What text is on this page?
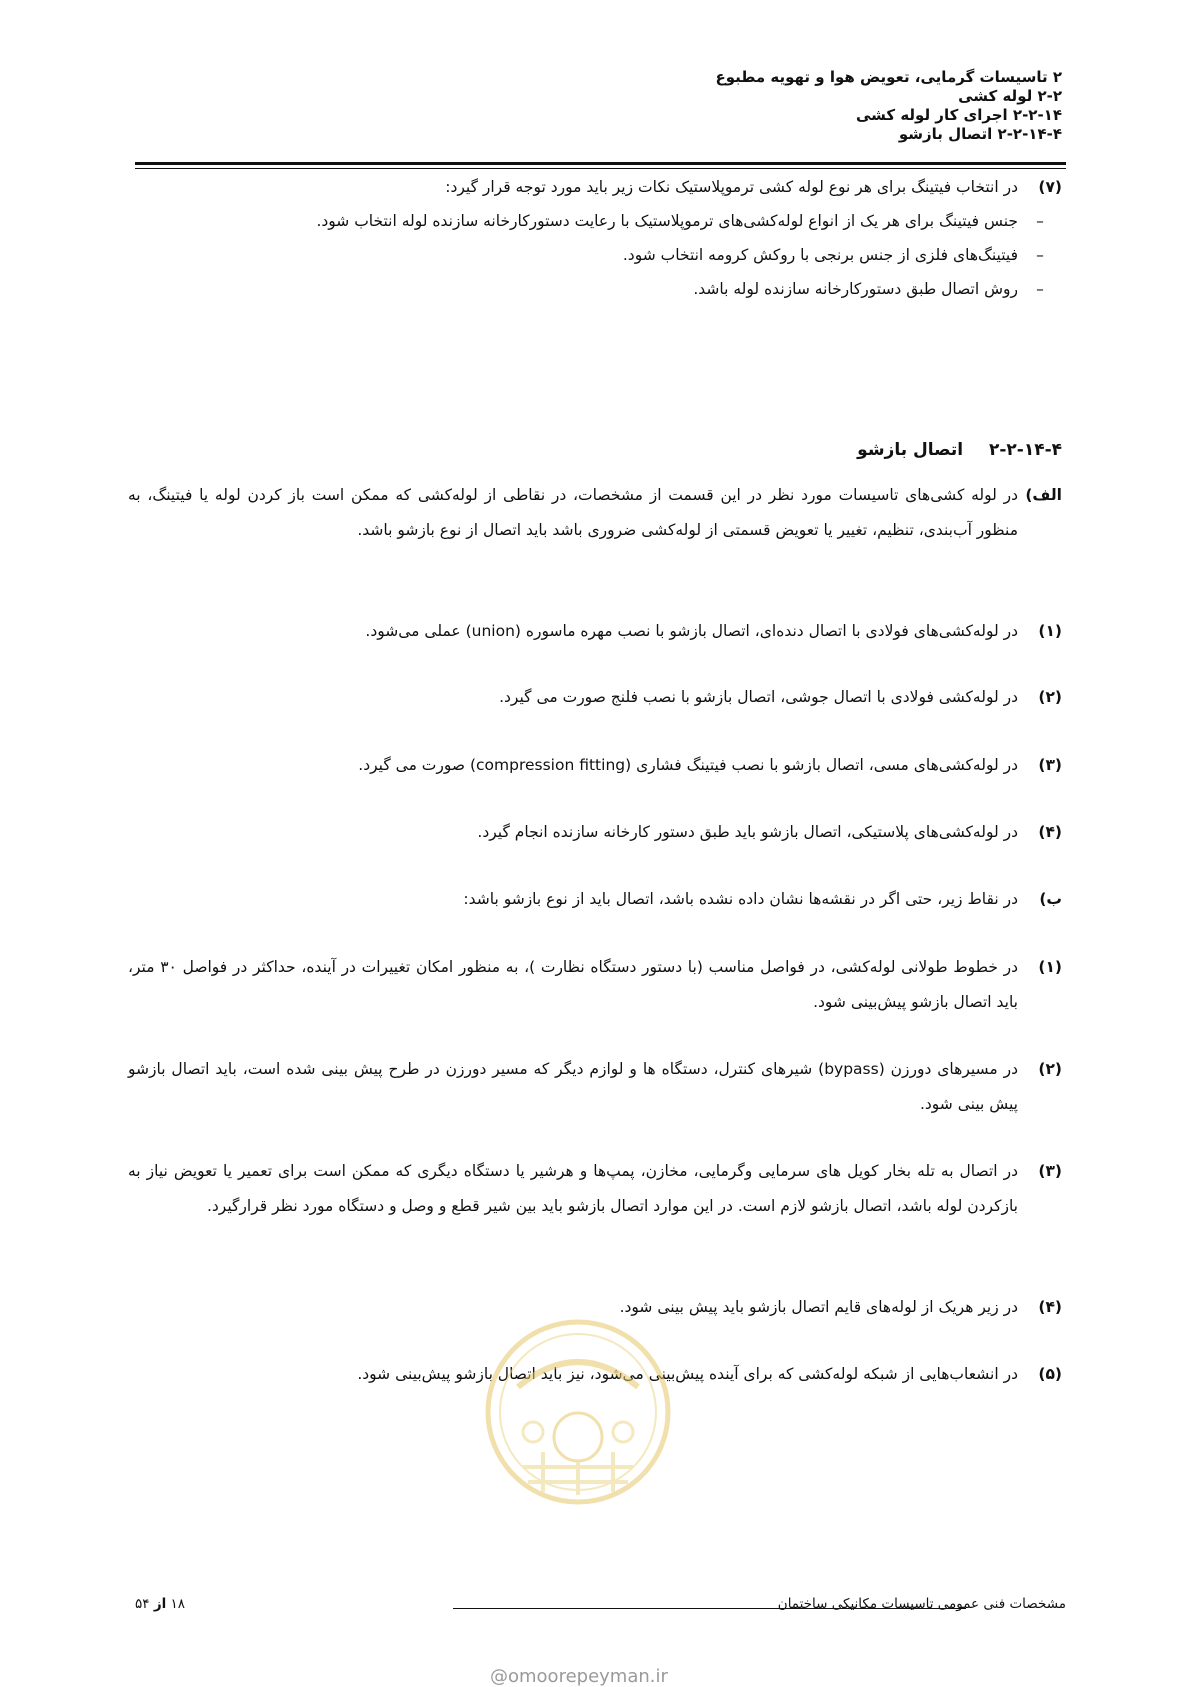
۲ تاسیسات گرمایی، تعویض هوا و تهویه مطبوع
۲-۲ لوله کشی
۲-۲-۱۴ اجرای کار لوله کشی
۲-۲-۱۴-۴ اتصال بازشو
(۷)
در انتخاب فیتینگ برای هر نوع لوله کشی ترموپلاستیک نکات زیر باید مورد توجه قرار گیرد:
–
جنس فیتینگ برای هر یک از انواع لوله‌کشی‌های ترموپلاستیک با رعایت دستورکارخانه سازنده لوله انتخاب شود.
–
فیتینگ‌های فلزی از جنس برنجی با روکش کرومه انتخاب شود.
–
روش اتصال طبق دستورکارخانه سازنده لوله باشد.
۲-۲-۱۴-۴  اتصال بازشو
الف)
در لوله کشی‌های تاسیسات مورد نظر در این قسمت از مشخصات، در نقاطی از لوله‌کشی که ممکن است باز کردن لوله یا فیتینگ، به منظور آب‌بندی، تنظیم، تغییر یا تعویض قسمتی از لوله‌کشی ضروری باشد باید اتصال از نوع بازشو باشد.
(۱)
در لوله‌کشی‌های فولادی با اتصال دنده‌ای، اتصال بازشو با نصب مهره ماسوره (union) عملی می‌شود.
(۲)
در لوله‌کشی فولادی با اتصال جوشی، اتصال بازشو با نصب فلنج صورت می گیرد.
(۳)
در لوله‌کشی‌های مسی، اتصال بازشو با نصب فیتینگ فشاری (compression fitting) صورت می گیرد.
(۴)
در لوله‌کشی‌های پلاستیکی، اتصال بازشو باید طبق دستور کارخانه سازنده انجام گیرد.
ب)
در نقاط زیر، حتی اگر در نقشه‌ها نشان داده نشده باشد، اتصال باید از نوع بازشو باشد:
(۱)
در خطوط طولانی لوله‌کشی، در فواصل مناسب (با دستور دستگاه نظارت )، به منظور امکان تغییرات در آینده، حداکثر در فواصل ۳۰ متر، باید اتصال بازشو پیش‌بینی شود.
(۲)
در مسیرهای دورزن (bypass) شیرهای کنترل، دستگاه ها و لوازم دیگر که مسیر دورزن در طرح پیش بینی شده است، باید اتصال بازشو پیش بینی شود.
(۳)
در اتصال به تله بخار کویل های سرمایی وگرمایی، مخازن، پمپ‌ها و هرشیر یا دستگاه دیگری که ممکن است برای تعمیر یا تعویض نیاز به بازکردن لوله باشد، اتصال بازشو لازم است. در این موارد اتصال بازشو باید بین شیر قطع و وصل و دستگاه مورد نظر قرارگیرد.
(۴)
در زیر هریک از لوله‌های قایم اتصال بازشو باید پیش بینی شود.
(۵)
در انشعاب‌هایی از شبکه لوله‌کشی که برای آینده پیش‌بینی می‌شود، نیز باید اتصال بازشو پیش‌بینی شود.
مشخصات فنی عمومی تاسیسات مکانیکی ساختمان
۱۸ از ۵۴
@omoorepeyman.ir
